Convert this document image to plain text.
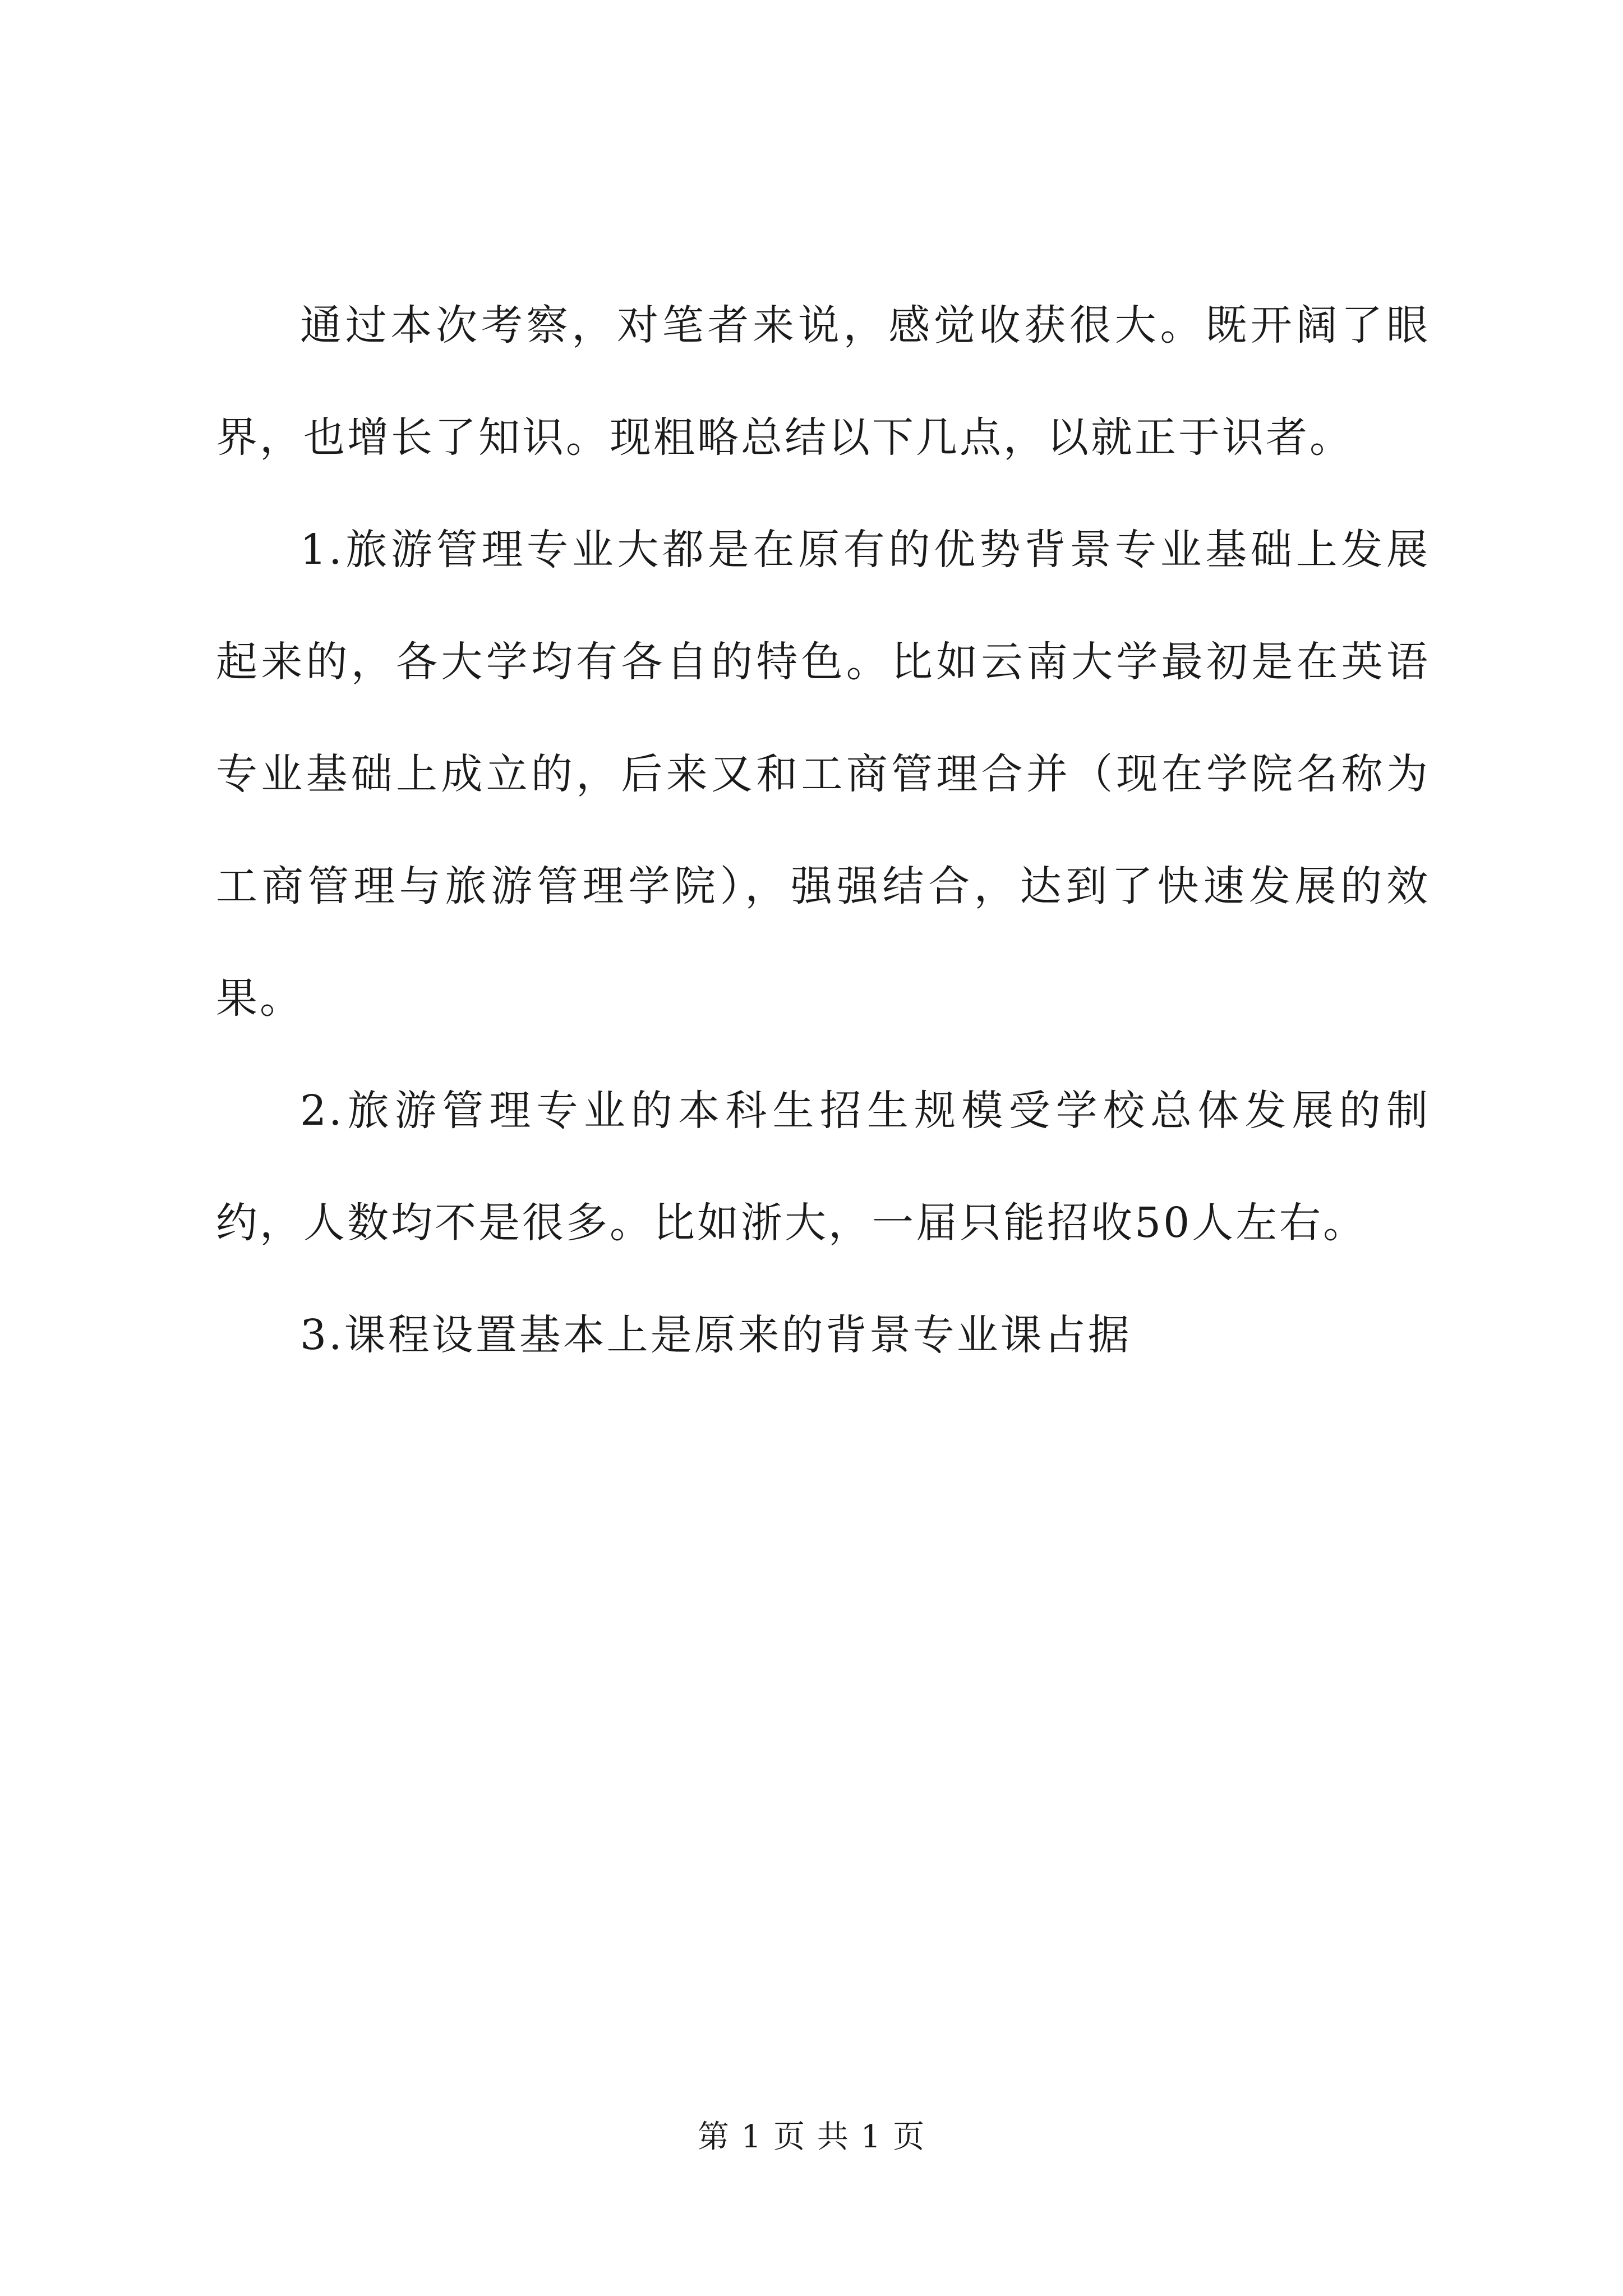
通过本次考察，对笔者来说，感觉收获很大。既开阔了眼界，也增长了知识。现粗略总结以下几点，以就正于识者。

1.旅游管理专业大都是在原有的优势背景专业基础上发展起来的，各大学均有各自的特色。比如云南大学最初是在英语专业基础上成立的，后来又和工商管理合并（现在学院名称为工商管理与旅游管理学院），强强结合，达到了快速发展的效果。

2.旅游管理专业的本科生招生规模受学校总体发展的制约，人数均不是很多。比如浙大，一届只能招收50人左右。

3.课程设置基本上是原来的背景专业课占据

第 1 页 共 1 页
